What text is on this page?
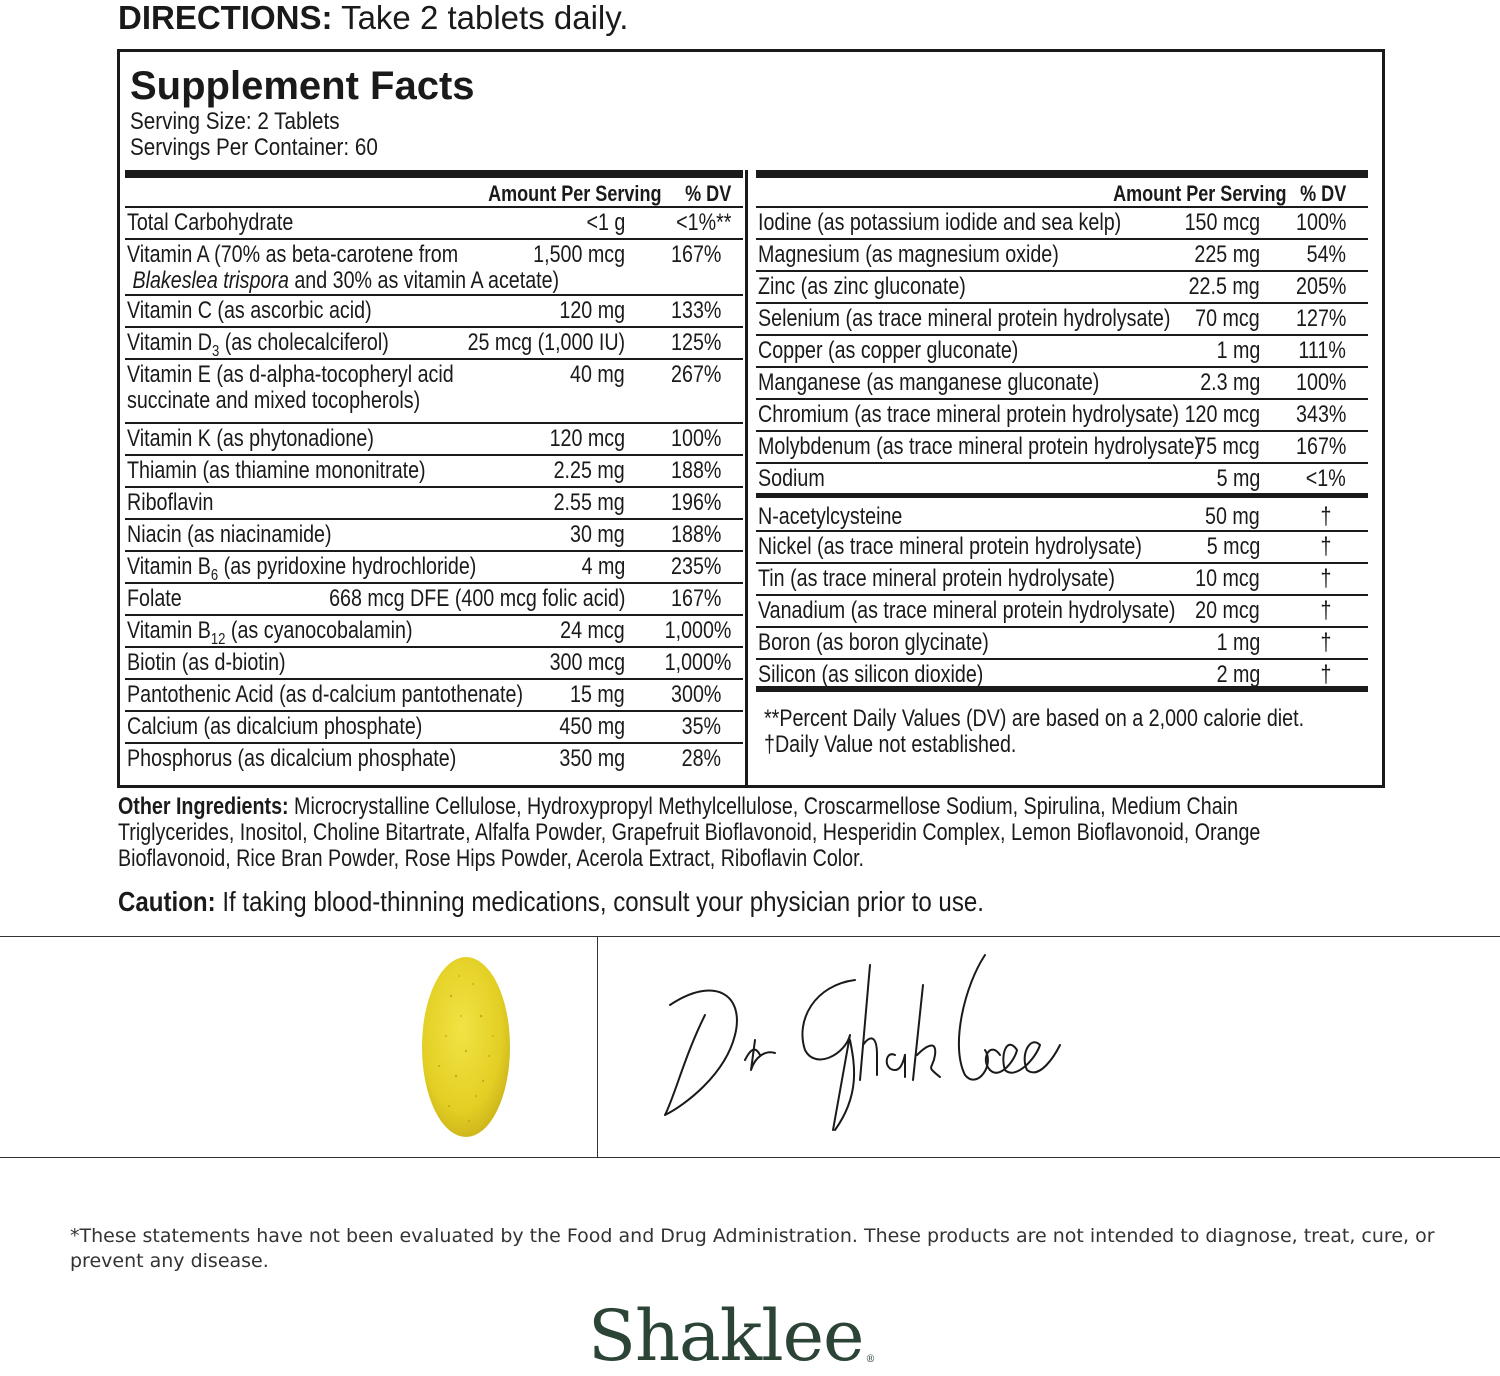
DIRECTIONS: Take 2 tablets daily.
Supplement Facts
Serving Size: 2 Tablets
Servings Per Container: 60
Amount Per Serving % DV
Total Carbohydrate	<1 g <1%**
Vitamin A (70% as beta-carotene from
Blakeslea trispora and 30% as vitamin A acetate)
1,500 mcg 167%
Vitamin C (as ascorbic acid)	120 mg 133%
Vitamin $D_3$ (as cholecalciferol)	25 mcg (1,000 IU) 125%
Vitamin E (as d-alpha-tocopheryl acid
succinate and mixed tocopherols)
40 mg 267%
Vitamin K (as phytonadione)	120 mcg 100%
Thiamin (as thiamine mononitrate)	2.25 mg 188%
Riboflavin	2.55 mg 196%
Niacin (as niacinamide)	30 mg 188%
Vitamin $B_6$ (as pyridoxine hydrochloride)	4 mg 235%
Folate	668 mcg DFE (400 mcg folic acid) 167%
Vitamin $B_{12}$ (as cyanocobalamin)	24 mcg 1,000%
Biotin (as d-biotin)	300 mcg 1,000%
Pantothenic Acid (as d-calcium pantothenate) 15 mg 300%
Calcium (as dicalcium phosphate)	450 mg 35%
Phosphorus (as dicalcium phosphate)	350 mg 28%
Amount Per Serving % DV
Iodine (as potassium iodide and sea kelp)	150 mcg 100%
Magnesium (as magnesium oxide)	225 mg 54%
Zinc (as zinc gluconate)	22.5 mg 205%
Selenium (as trace mineral protein hydrolysate) 70 mcg 127%
Copper (as copper gluconate)	1 mg 111%
Manganese (as manganese gluconate)	2.3 mg 100%
Chromium (as trace mineral protein hydrolysate) 120 mcg 343%
Molybdenum (as trace mineral protein hydrolysate)
75 mcg 167%
Sodium	5 mg <1%
N-acetylcysteine	50 mg	†
Nickel (as trace mineral protein hydrolysate)	5 mcg	†
Tin (as trace mineral protein hydrolysate)	10 mcg	†
Vanadium (as trace mineral protein hydrolysate) 20 mcg	†
Boron (as boron glycinate)	1 mg	†
Silicon (as silicon dioxide)	2 mg	†
**Percent Daily Values (DV) are based on a 2,000 calorie diet.
†Daily Value not established.
Other Ingredients: Microcrystalline Cellulose, Hydroxypropyl Methylcellulose, Croscarmellose Sodium, Spirulina, Medium Chain Triglycerides, Inositol, Choline Bitartrate, Alfalfa Powder, Grapefruit Bioflavonoid, Hesperidin Complex, Lemon Bioflavonoid, Orange Bioflavonoid, Rice Bran Powder, Rose Hips Powder, Acerola Extract, Riboflavin Color.
Caution: If taking blood-thinning medications, consult your physician prior to use.
*These statements have not been evaluated by the Food and Drug Administration. These products are not intended to diagnose, treat, cure, or prevent any disease.
Shaklee ®
